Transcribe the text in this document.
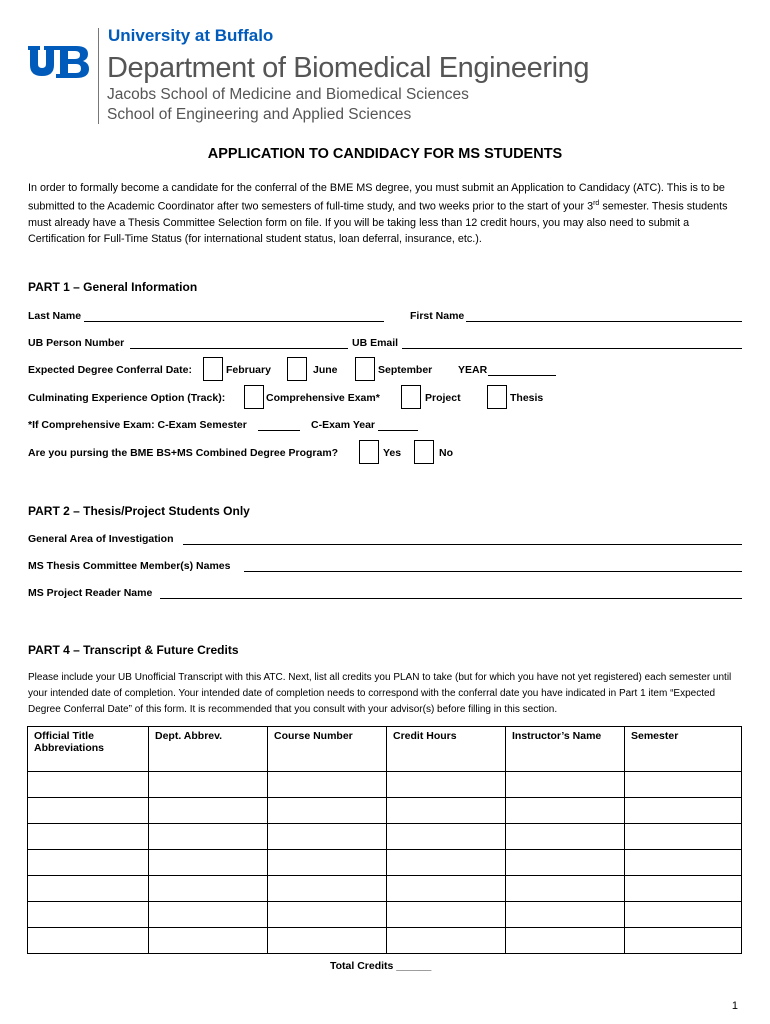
University at Buffalo
Department of Biomedical Engineering
Jacobs School of Medicine and Biomedical Sciences
School of Engineering and Applied Sciences
APPLICATION TO CANDIDACY FOR MS STUDENTS
In order to formally become a candidate for the conferral of the BME MS degree, you must submit an Application to Candidacy (ATC). This is to be submitted to the Academic Coordinator after two semesters of full-time study, and two weeks prior to the start of your 3rd semester. Thesis students must already have a Thesis Committee Selection form on file. If you will be taking less than 12 credit hours, you may also need to submit a Certification for Full-Time Status (for international student status, loan deferral, insurance, etc.).
PART 1 – General Information
Last Name	First Name
UB Person Number	UB Email
Expected Degree Conferral Date:	February	June	September YEAR
Culminating Experience Option (Track):	Comprehensive Exam*	Project	Thesis
*If Comprehensive Exam: C-Exam Semester	C-Exam Year
Are you pursing the BME BS+MS Combined Degree Program?	Yes	No
PART 2 – Thesis/Project Students Only
General Area of Investigation
MS Thesis Committee Member(s) Names
MS Project Reader Name
PART 4 – Transcript & Future Credits
Please include your UB Unofficial Transcript with this ATC. Next, list all credits you PLAN to take (but for which you have not yet registered) each semester until your intended date of completion. Your intended date of completion needs to correspond with the conferral date you have indicated in Part 1 item “Expected Degree Conferral Date” of this form. It is recommended that you consult with your advisor(s) before filling in this section.
Official Title Abbreviations	Dept. Abbrev.	Course Number	Credit Hours	Instructor’s Name	Semester

Total Credits ______
1
